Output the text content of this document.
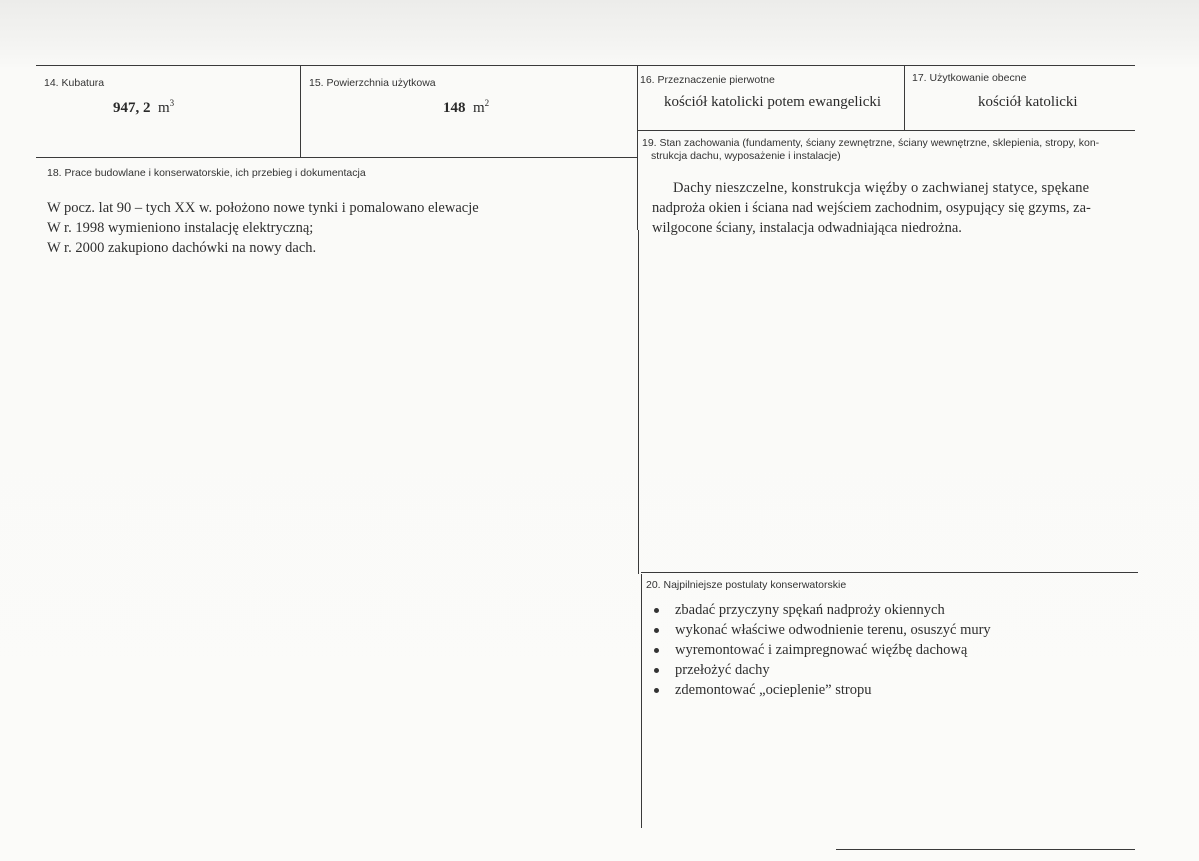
14. Kubatura
947, 2 $m^3$
15. Powierzchnia użytkowa
148 $m^2$
16. Przeznaczenie pierwotne
kościół katolicki potem ewangelicki
17. Użytkowanie obecne
kościół katolicki
18. Prace budowlane i konserwatorskie, ich przebieg i dokumentacja
W pocz. lat 90 – tych XX w. położono nowe tynki i pomalowano elewacje
W r. 1998 wymieniono instalację elektryczną;
W r. 2000 zakupiono dachówki na nowy dach.
19. Stan zachowania (fundamenty, ściany zewnętrzne, ściany wewnętrzne, sklepienia, stropy, kon-
strukcja dachu, wyposażenie i instalacje)
Dachy nieszczelne, konstrukcja więźby o zachwianej statyce, spękane
nadproża okien i ściana nad wejściem zachodnim, osypujący się gzyms, za-
wilgocone ściany, instalacja odwadniająca niedrożna.
20. Najpilniejsze postulaty konserwatorskie
zbadać przyczyny spękań nadproży okiennych
wykonać właściwe odwodnienie terenu, osuszyć mury
wyremontować i zaimpregnować więźbę dachową
przełożyć dachy
zdemontować „ocieplenie” stropu
